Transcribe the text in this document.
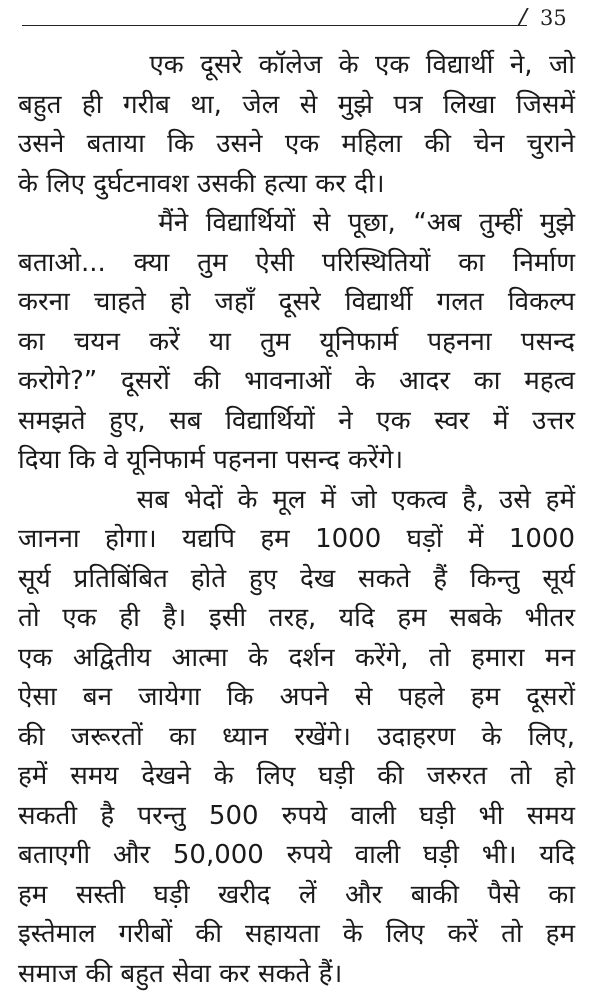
35
एक दूसरे कॉलेज के एक विद्यार्थी ने, जो
बहुत ही गरीब था, जेल से मुझे पत्र लिखा जिसमें
उसने बताया कि उसने एक महिला की चेन चुराने
के लिए दुर्घटनावश उसकी हत्या कर दी।
मैंने विद्यार्थियों से पूछा, “अब तुम्हीं मुझे
बताओ... क्या तुम ऐसी परिस्थितियों का निर्माण
करना चाहते हो जहाँ दूसरे विद्यार्थी गलत विकल्प
का चयन करें या तुम यूनिफार्म पहनना पसन्द
करोगे?” दूसरों की भावनाओं के आदर का महत्व
समझते हुए, सब विद्यार्थियों ने एक स्वर में उत्तर
दिया कि वे यूनिफार्म पहनना पसन्द करेंगे।
सब भेदों के मूल में जो एकत्व है, उसे हमें
जानना होगा। यद्यपि हम 1000 घड़ों में 1000
सूर्य प्रतिबिंबित होते हुए देख सकते हैं किन्तु सूर्य
तो एक ही है। इसी तरह, यदि हम सबके भीतर
एक अद्वितीय आत्मा के दर्शन करेंगे, तो हमारा मन
ऐसा बन जायेगा कि अपने से पहले हम दूसरों
की जरूरतों का ध्यान रखेंगे। उदाहरण के लिए,
हमें समय देखने के लिए घड़ी की जरुरत तो हो
सकती है परन्तु 500 रुपये वाली घड़ी भी समय
बताएगी और 50,000 रुपये वाली घड़ी भी। यदि
हम सस्ती घड़ी खरीद लें और बाकी पैसे का
इस्तेमाल गरीबों की सहायता के लिए करें तो हम
समाज की बहुत सेवा कर सकते हैं।
